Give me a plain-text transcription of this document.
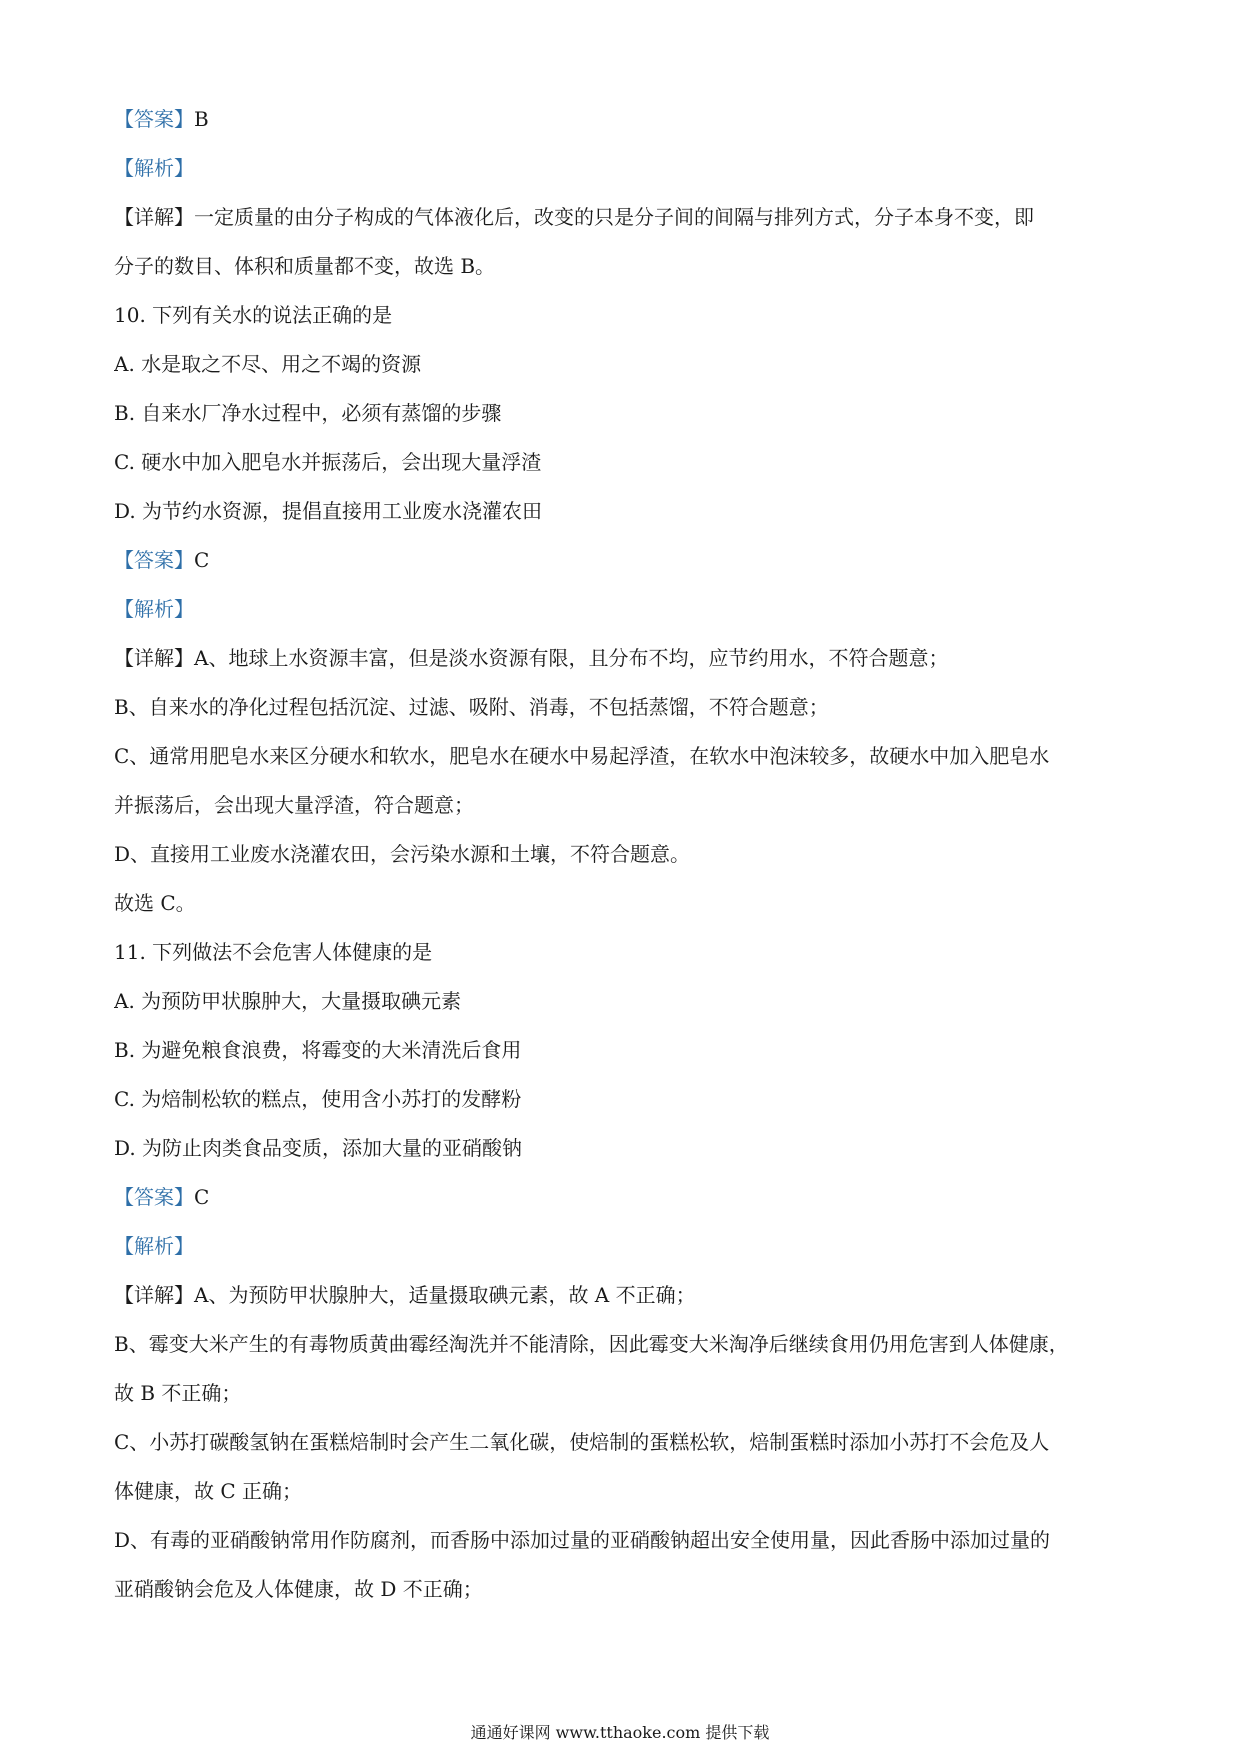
【答案】B
【解析】
【详解】一定质量的由分子构成的气体液化后，改变的只是分子间的间隔与排列方式，分子本身不变，即
分子的数目、体积和质量都不变，故选 B。
10. 下列有关水的说法正确的是
A. 水是取之不尽、用之不竭的资源
B. 自来水厂净水过程中，必须有蒸馏的步骤
C. 硬水中加入肥皂水并振荡后，会出现大量浮渣
D. 为节约水资源，提倡直接用工业废水浇灌农田
【答案】C
【解析】
【详解】A、地球上水资源丰富，但是淡水资源有限，且分布不均，应节约用水，不符合题意；
B、自来水的净化过程包括沉淀、过滤、吸附、消毒，不包括蒸馏，不符合题意；
C、通常用肥皂水来区分硬水和软水，肥皂水在硬水中易起浮渣，在软水中泡沫较多，故硬水中加入肥皂水
并振荡后，会出现大量浮渣，符合题意；
D、直接用工业废水浇灌农田，会污染水源和土壤，不符合题意。
故选 C。
11. 下列做法不会危害人体健康的是
A. 为预防甲状腺肿大，大量摄取碘元素
B. 为避免粮食浪费，将霉变的大米清洗后食用
C. 为焙制松软的糕点，使用含小苏打的发酵粉
D. 为防止肉类食品变质，添加大量的亚硝酸钠
【答案】C
【解析】
【详解】A、为预防甲状腺肿大，适量摄取碘元素，故 A 不正确；
B、霉变大米产生的有毒物质黄曲霉经淘洗并不能清除，因此霉变大米淘净后继续食用仍用危害到人体健康，
故 B 不正确；
C、小苏打碳酸氢钠在蛋糕焙制时会产生二氧化碳，使焙制的蛋糕松软，焙制蛋糕时添加小苏打不会危及人
体健康，故 C 正确；
D、有毒的亚硝酸钠常用作防腐剂，而香肠中添加过量的亚硝酸钠超出安全使用量，因此香肠中添加过量的
亚硝酸钠会危及人体健康，故 D 不正确；
通通好课网 www.tthaoke.com 提供下载
